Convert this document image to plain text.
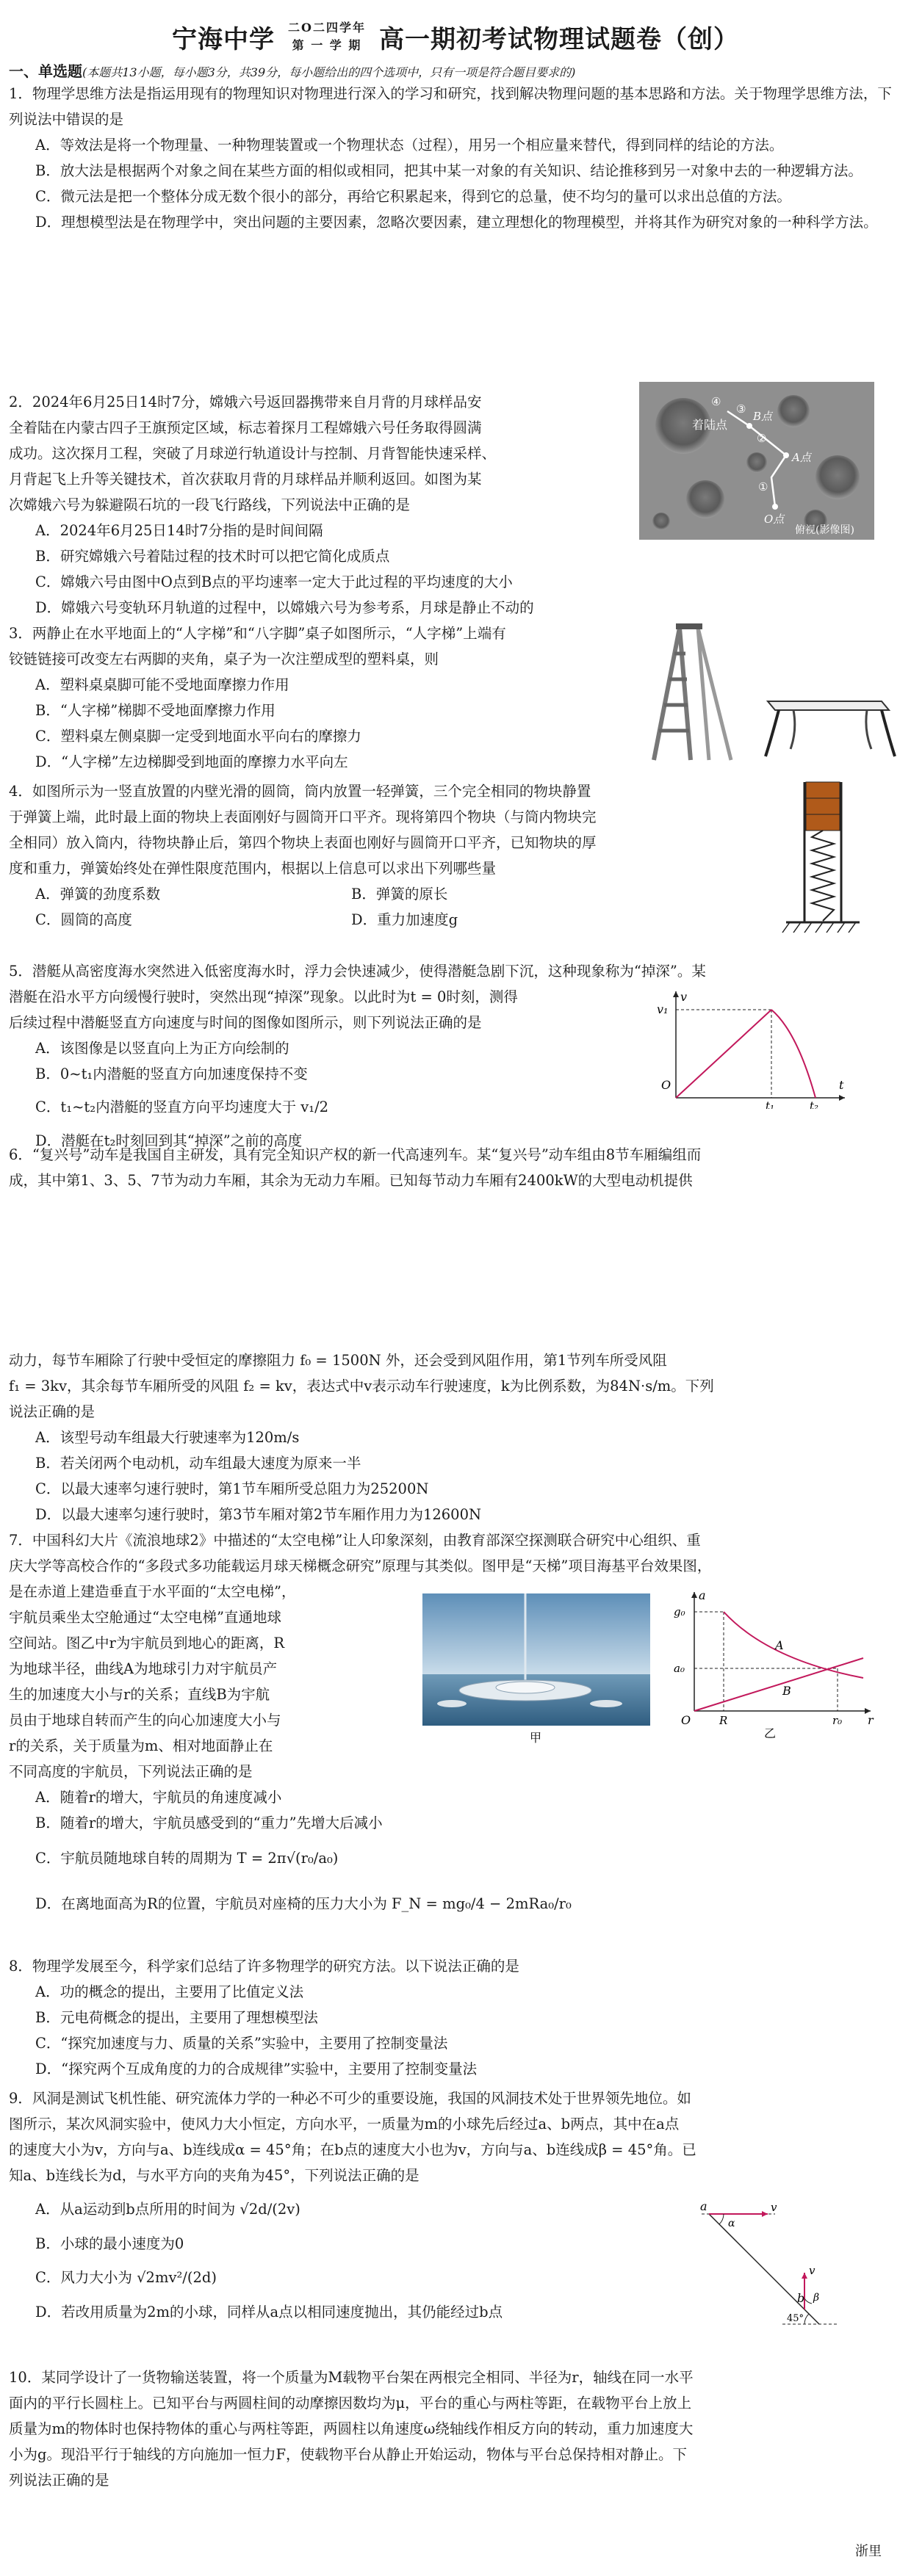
宁海中学 二O二四学年
第 一 学 期 高一期初考试物理试题卷（创）
一、单选题(本题共13小题，每小题3分，共39分，每小题给出的四个选项中，只有一项是符合题目要求的)

1．物理学思维方法是指运用现有的物理知识对物理进行深入的学习和研究，找到解决物理问题的基本思路和方法。关于物理学思维方法，下列说法中错误的是

A．等效法是将一个物理量、一种物理装置或一个物理状态（过程），用另一个相应量来替代，得到同样的结论的方法。

B．放大法是根据两个对象之间在某些方面的相似或相同，把其中某一对象的有关知识、结论推移到另一对象中去的一种逻辑方法。

C．微元法是把一个整体分成无数个很小的部分，再给它积累起来，得到它的总量，使不均匀的量可以求出总值的方法。

D．理想模型法是在物理学中，突出问题的主要因素，忽略次要因素，建立理想化的物理模型，并将其作为研究对象的一种科学方法。

2．2024年6月25日14时7分，嫦娥六号返回器携带来自月背的月球样品安

全着陆在内蒙古四子王旗预定区域，标志着探月工程嫦娥六号任务取得圆满

成功。这次探月工程，突破了月球逆行轨道设计与控制、月背智能快速采样、

月背起飞上升等关键技术，首次获取月背的月球样品并顺利返回。如图为某

次嫦娥六号为躲避陨石坑的一段飞行路线，下列说法中正确的是

A．2024年6月25日14时7分指的是时间间隔

B．研究嫦娥六号着陆过程的技术时可以把它简化成质点

C．嫦娥六号由图中O点到B点的平均速率一定大于此过程的平均速度的大小

D．嫦娥六号变轨环月轨道的过程中，以嫦娥六号为参考系，月球是静止不动的

④
③
B点
②
A点
①
O点
着陆点
俯视(影像图)

3．两静止在水平地面上的“人字梯”和“八字脚”桌子如图所示，“人字梯”上端有

铰链链接可改变左右两脚的夹角，桌子为一次注塑成型的塑料桌，则

A．塑料桌桌脚可能不受地面摩擦力作用

B．“人字梯”梯脚不受地面摩擦力作用

C．塑料桌左侧桌脚一定受到地面水平向右的摩擦力

D．“人字梯”左边梯脚受到地面的摩擦力水平向左

4．如图所示为一竖直放置的内壁光滑的圆筒，筒内放置一轻弹簧，三个完全相同的物块静置

于弹簧上端，此时最上面的物块上表面刚好与圆筒开口平齐。现将第四个物块（与筒内物块完

全相同）放入筒内，待物块静止后，第四个物块上表面也刚好与圆筒开口平齐，已知物块的厚

度和重力，弹簧始终处在弹性限度范围内，根据以上信息可以求出下列哪些量

A．弹簧的劲度系数	B．弹簧的原长
C．圆筒的高度	D．重力加速度g

5．潜艇从高密度海水突然进入低密度海水时，浮力会快速减少，使得潜艇急剧下沉，这种现象称为“掉深”。某

潜艇在沿水平方向缓慢行驶时，突然出现“掉深”现象。以此时为t = 0时刻，测得

后续过程中潜艇竖直方向速度与时间的图像如图所示，则下列说法正确的是

A．该图像是以竖直向上为正方向绘制的

B．0~t₁内潜艇的竖直方向加速度保持不变

C．t₁~t₂内潜艇的竖直方向平均速度大于 v₁/2

D．潜艇在t₂时刻回到其“掉深”之前的高度

v
v₁
O
t₁	t₂
t

6．“复兴号”动车是我国自主研发，具有完全知识产权的新一代高速列车。某“复兴号”动车组由8节车厢编组而

成，其中第1、3、5、7节为动力车厢，其余为无动力车厢。已知每节动力车厢有2400kW的大型电动机提供

动力，每节车厢除了行驶中受恒定的摩擦阻力 f₀ = 1500N 外，还会受到风阻作用，第1节列车所受风阻

f₁ = 3kv，其余每节车厢所受的风阻 f₂ = kv，表达式中v表示动车行驶速度，k为比例系数，为84N·s/m。下列

说法正确的是

A．该型号动车组最大行驶速率为120m/s

B．若关闭两个电动机，动车组最大速度为原来一半

C．以最大速率匀速行驶时，第1节车厢所受总阻力为25200N

D．以最大速率匀速行驶时，第3节车厢对第2节车厢作用力为12600N

7．中国科幻大片《流浪地球2》中描述的“太空电梯”让人印象深刻，由教育部深空探测联合研究中心组织、重

庆大学等高校合作的“多段式多功能载运月球天梯概念研究”原理与其类似。图甲是“天梯”项目海基平台效果图，

是在赤道上建造垂直于水平面的“太空电梯”，

宇航员乘坐太空舱通过“太空电梯”直通地球

空间站。图乙中r为宇航员到地心的距离，R

为地球半径，曲线A为地球引力对宇航员产

生的加速度大小与r的关系；直线B为宇航

员由于地球自转而产生的向心加速度大小与

r的关系，关于质量为m、相对地面静止在

不同高度的宇航员，下列说法正确的是

A．随着r的增大，宇航员的角速度减小

B．随着r的增大，宇航员感受到的“重力”先增大后减小

C．宇航员随地球自转的周期为 T = 2π√(r₀/a₀)

D．在离地面高为R的位置，宇航员对座椅的压力大小为 F_N = mg₀/4 − 2mRa₀/r₀

甲
a
g₀
a₀
O	R	r₀ r
A
B
乙

8．物理学发展至今，科学家们总结了许多物理学的研究方法。以下说法正确的是

A．功的概念的提出，主要用了比值定义法

B．元电荷概念的提出，主要用了理想模型法

C．“探究加速度与力、质量的关系”实验中，主要用了控制变量法

D．“探究两个互成角度的力的合成规律”实验中，主要用了控制变量法

9．风洞是测试飞机性能、研究流体力学的一种必不可少的重要设施，我国的风洞技术处于世界领先地位。如

图所示，某次风洞实验中，使风力大小恒定，方向水平，一质量为m的小球先后经过a、b两点，其中在a点

的速度大小为v，方向与a、b连线成α = 45°角；在b点的速度大小也为v，方向与a、b连线成β = 45°角。已

知a、b连线长为d，与水平方向的夹角为45°，下列说法正确的是

A．从a运动到b点所用的时间为 √2d/(2v)

B．小球的最小速度为0

C．风力大小为 √2mv²/(2d)

D．若改用质量为2m的小球，同样从a点以相同速度抛出，其仍能经过b点

a
b
α
β
v
v
45°

10．某同学设计了一货物输送装置，将一个质量为M载物平台架在两根完全相同、半径为r，轴线在同一水平

面内的平行长圆柱上。已知平台与两圆柱间的动摩擦因数均为μ，平台的重心与两柱等距，在载物平台上放上

质量为m的物体时也保持物体的重心与两柱等距，两圆柱以角速度ω绕轴线作相反方向的转动，重力加速度大

小为g。现沿平行于轴线的方向施加一恒力F，使载物平台从静止开始运动，物体与平台总保持相对静止。下

列说法正确的是

浙里
